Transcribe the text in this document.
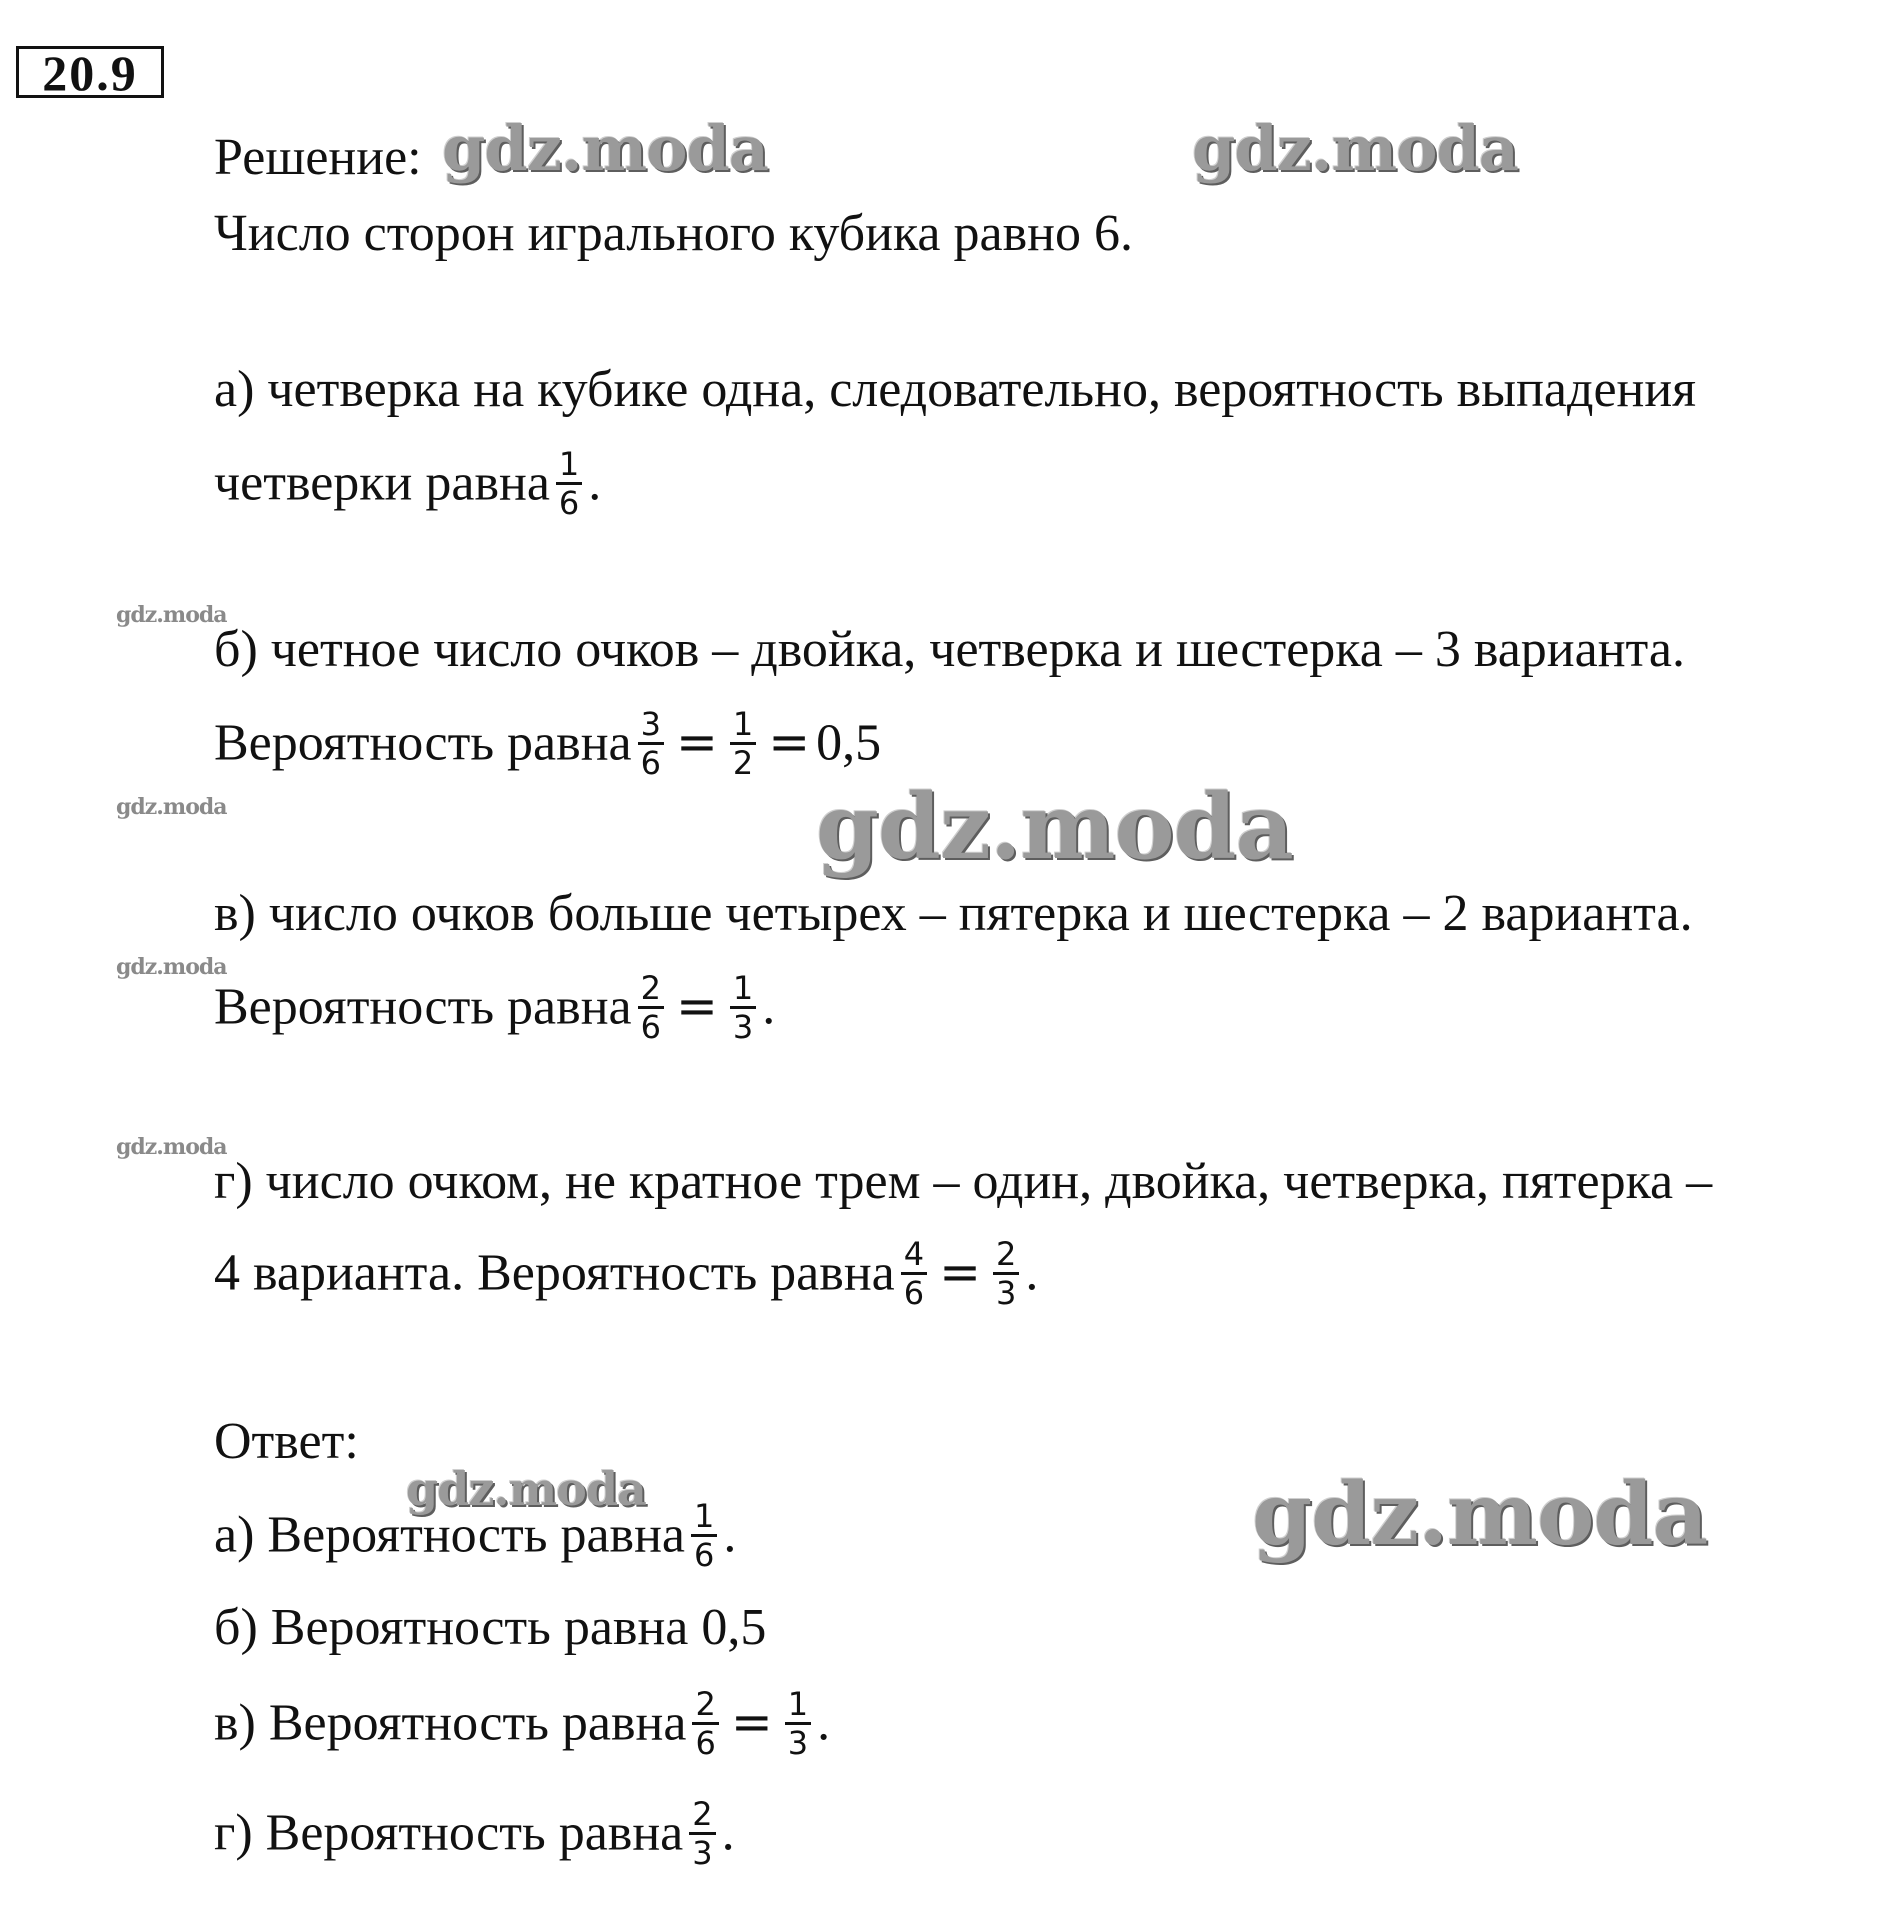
20.9
Решение:
Число сторон игрального кубика равно 6.
а) четверка на кубике одна, следовательно, вероятность выпадения
четверки равна $\frac{1}{6}$ .
б) четное число очков – двойка, четверка и шестерка – 3 варианта.
Вероятность равна $\frac{3}{6} = \frac{1}{2} = 0,5$
в) число очков больше четырех – пятерка и шестерка – 2 варианта.
Вероятность равна $\frac{2}{6} = \frac{1}{3}$ .
г) число очком, не кратное трем – один, двойка, четверка, пятерка –
4 варианта. Вероятность равна $\frac{4}{6} = \frac{2}{3}$ .
Ответ:
а) Вероятность равна $\frac{1}{6}$ .
б) Вероятность равна 0,5
в) Вероятность равна $\frac{2}{6} = \frac{1}{3}$ .
г) Вероятность равна $\frac{2}{3}$ .
gdz.moda	gdz.moda
gdz.moda
gdz.moda	gdz.moda
gdz.moda
gdz.moda
gdz.moda
gdz.moda
